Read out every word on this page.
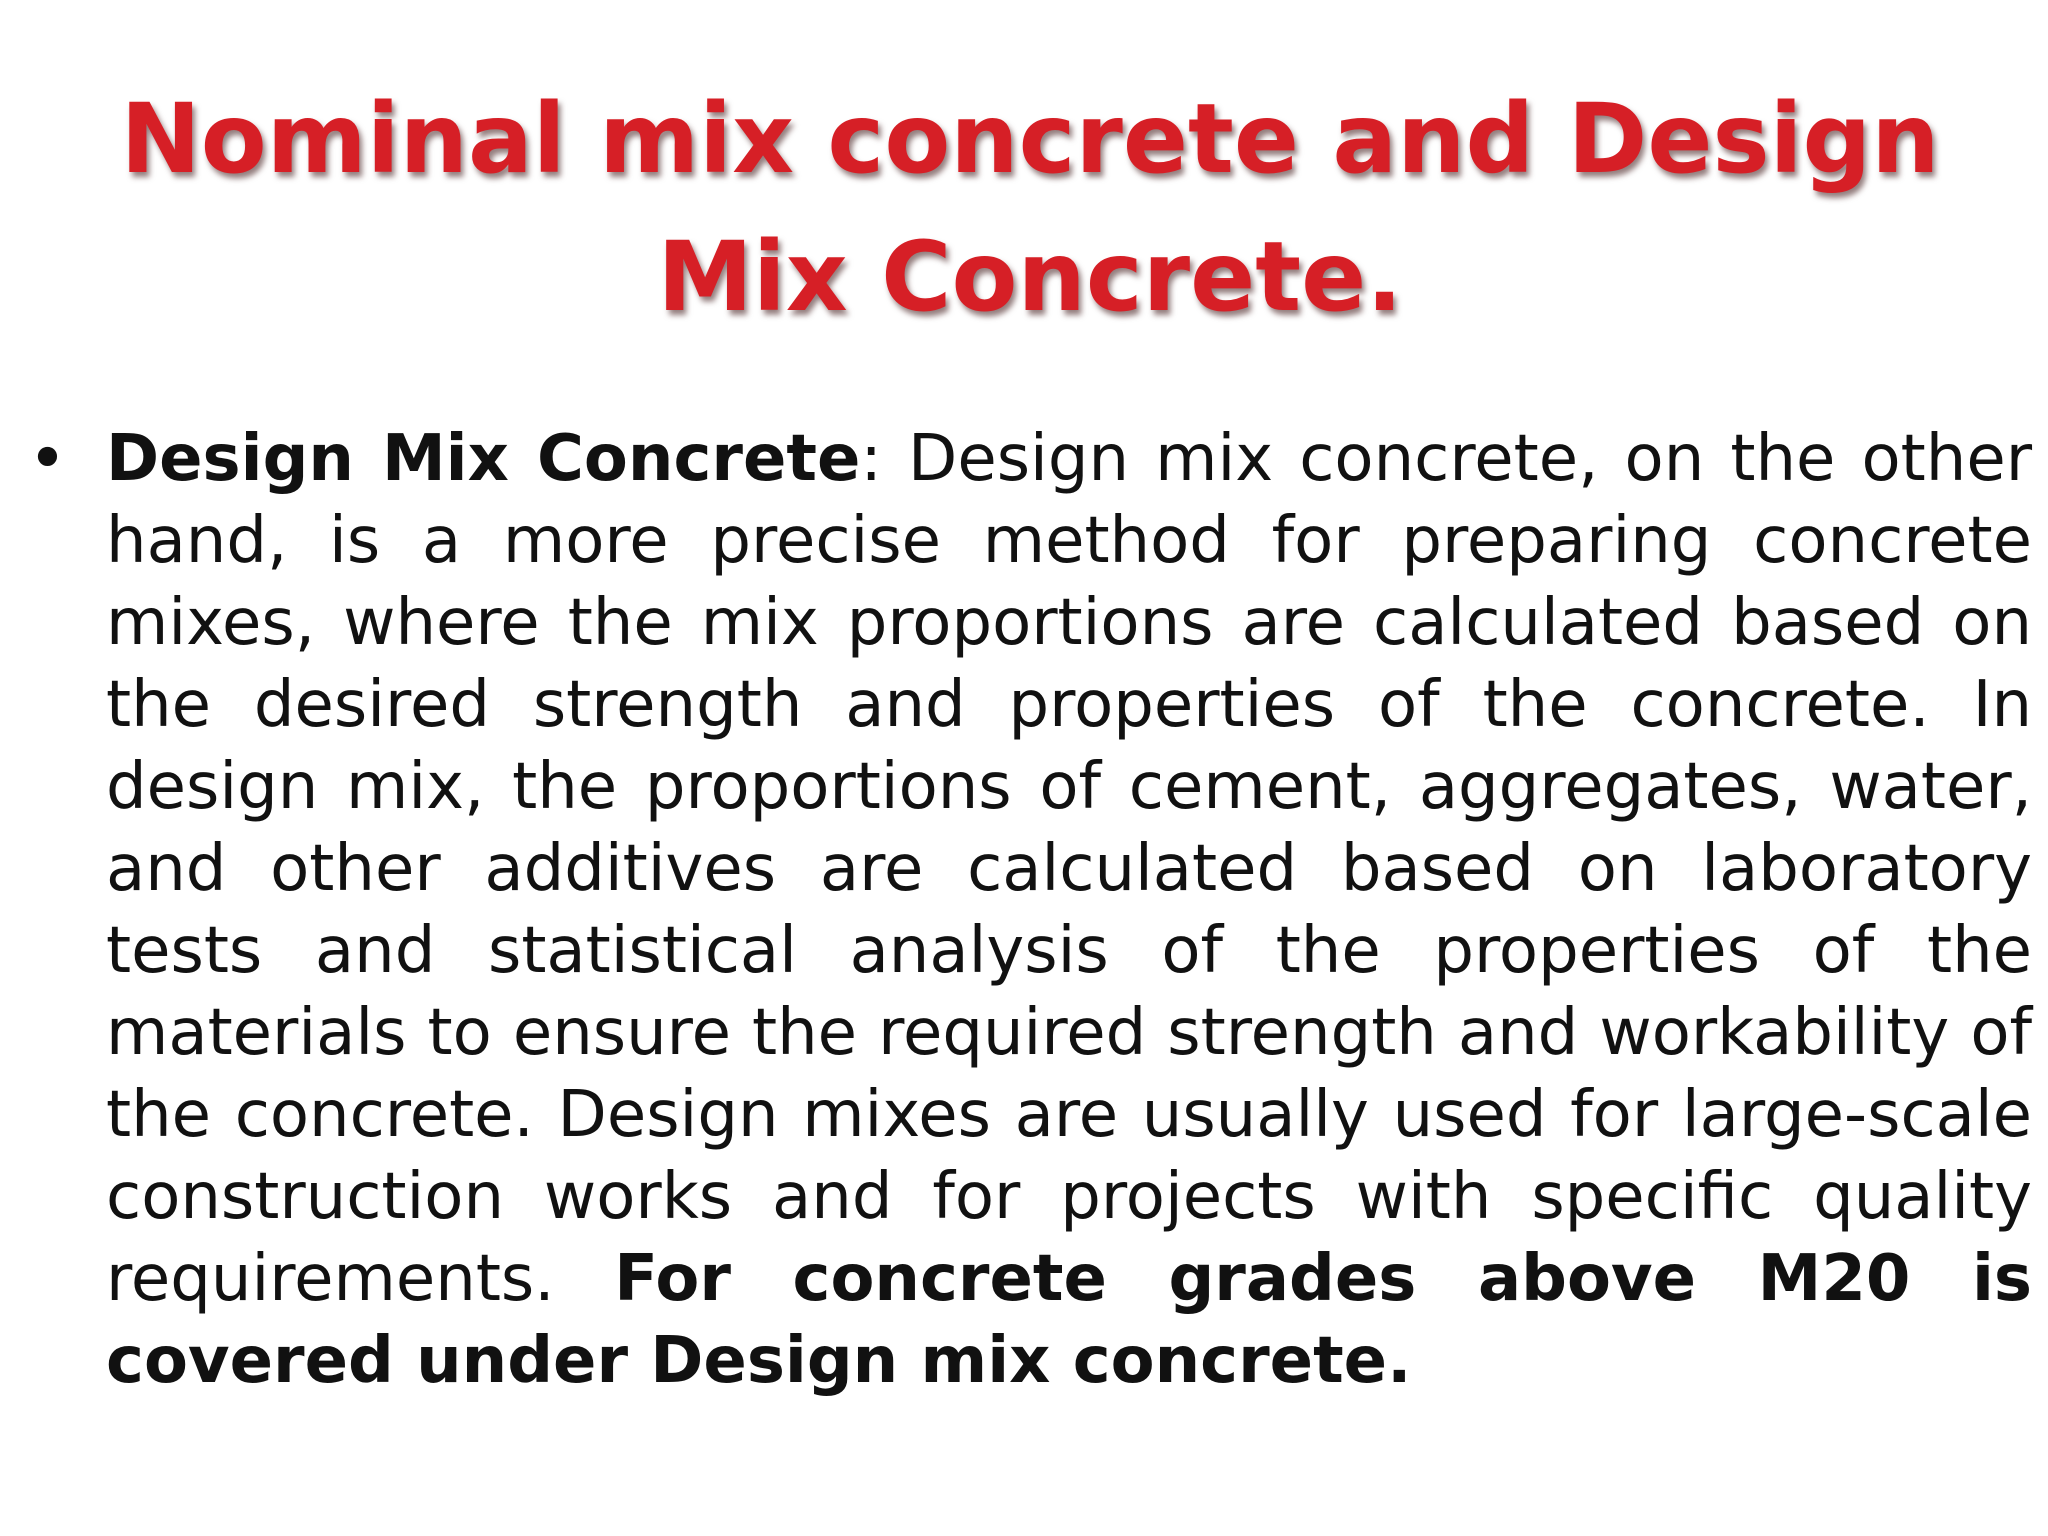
Nominal mix concrete and Design
Mix Concrete.
• Design Mix Concrete: Design mix concrete, on the other hand, is a more precise method for preparing concrete mixes, where the mix proportions are calculated based on the desired strength and properties of the concrete. In design mix, the proportions of cement, aggregates, water, and other additives are calculated based on laboratory tests and statistical analysis of the properties of the materials to ensure the required strength and workability of the concrete. Design mixes are usually used for large-scale construction works and for projects with specific quality requirements. For concrete grades above M20 is covered under Design mix concrete.
